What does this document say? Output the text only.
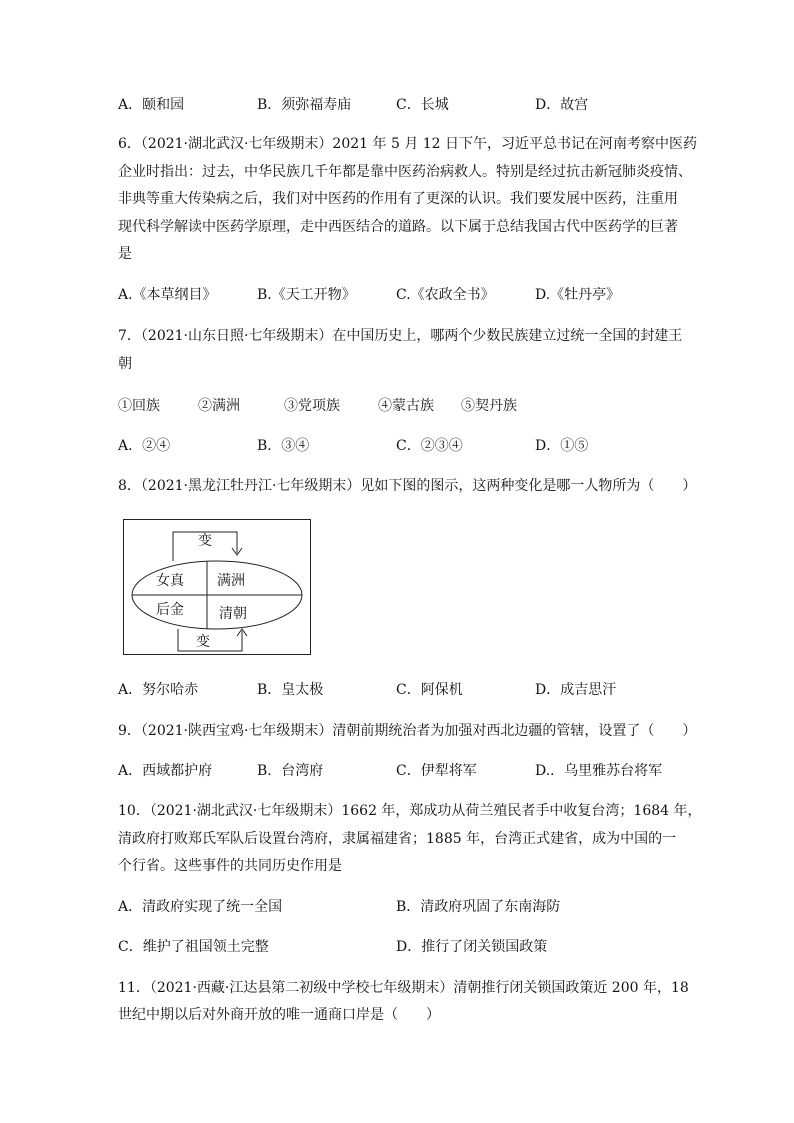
A．颐和园	B．须弥福寿庙	C．长城	D．故宫
6．（2021·湖北武汉·七年级期末）2021 年 5 月 12 日下午，习近平总书记在河南考察中医药
企业时指出：过去，中华民族几千年都是靠中医药治病救人。特别是经过抗击新冠肺炎疫情、
非典等重大传染病之后，我们对中医药的作用有了更深的认识。我们要发展中医药，注重用
现代科学解读中医药学原理，走中西医结合的道路。以下属于总结我国古代中医药学的巨著
是
A.《本草纲目》	B.《天工开物》	C.《农政全书》	D.《牡丹亭》
7．（2021·山东日照·七年级期末）在中国历史上，哪两个少数民族建立过统一全国的封建王
朝
①回族	②满洲	③党项族	④蒙古族 ⑤契丹族
A．②④	B．③④	C．②③④	D．①⑤
8．（2021·黑龙江牡丹江·七年级期末）见如下图的图示，这两种变化是哪一人物所为（　　）
变
女真 满洲
后金	清朝
变
A．努尔哈赤	B．皇太极	C．阿保机	D．成吉思汗
9．（2021·陕西宝鸡·七年级期末）清朝前期统治者为加强对西北边疆的管辖，设置了（　　）
A．西域都护府	B．台湾府	C．伊犁将军	D.．乌里雅苏台将军
10．（2021·湖北武汉·七年级期末）1662 年，郑成功从荷兰殖民者手中收复台湾；1684 年，
清政府打败郑氏军队后设置台湾府，隶属福建省；1885 年，台湾正式建省，成为中国的一
个行省。这些事件的共同历史作用是
A．清政府实现了统一全国	B．清政府巩固了东南海防
C．维护了祖国领土完整	D．推行了闭关锁国政策
11．（2021·西藏·江达县第二初级中学校七年级期末）清朝推行闭关锁国政策近 200 年，18
世纪中期以后对外商开放的唯一通商口岸是（　　）
